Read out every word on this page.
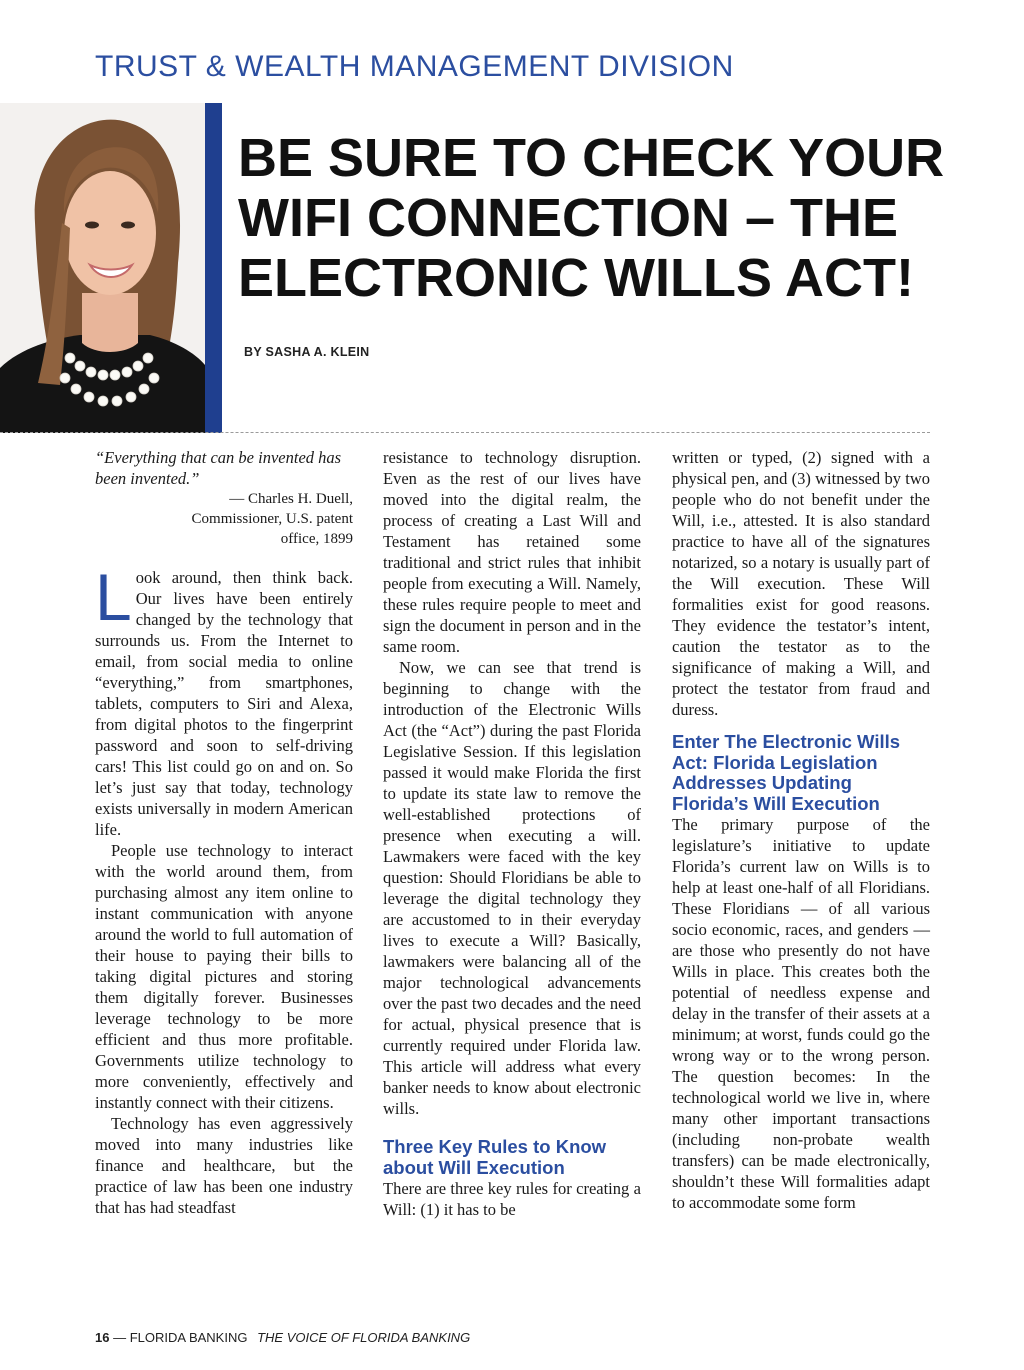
TRUST & WEALTH MANAGEMENT DIVISION
BE SURE TO CHECK YOUR
WIFI CONNECTION – THE
ELECTRONIC WILLS ACT!
BY SASHA A. KLEIN

“Everything that can be invented has been invented.”

— Charles H. Duell,
Commissioner, U.S. patent
office, 1899

Look around, then think back. Our lives have been entirely changed by the technology that surrounds us. From the Internet to email, from social media to online “everything,” from smartphones, tablets, computers to Siri and Alexa, from digital photos to the fingerprint password and soon to self-driving cars! This list could go on and on. So let’s just say that today, technology exists universally in modern American life.

People use technology to interact with the world around them, from purchasing almost any item online to instant communication with anyone around the world to full automation of their house to paying their bills to taking digital pictures and storing them digitally forever. Businesses leverage technology to be more efficient and thus more profitable. Governments utilize technology to more conveniently, effectively and instantly connect with their citizens.

Technology has even aggressively moved into many industries like finance and healthcare, but the practice of law has been one industry that has had steadfast

resistance to technology disruption. Even as the rest of our lives have moved into the digital realm, the process of creating a Last Will and Testament has retained some traditional and strict rules that inhibit people from executing a Will. Namely, these rules require people to meet and sign the document in person and in the same room.

Now, we can see that trend is beginning to change with the introduction of the Electronic Wills Act (the “Act”) during the past Florida Legislative Session. If this legislation passed it would make Florida the first to update its state law to remove the well-established protections of presence when executing a will. Lawmakers were faced with the key question: Should Floridians be able to leverage the digital technology they are accustomed to in their everyday lives to execute a Will? Basically, lawmakers were balancing all of the major technological advancements over the past two decades and the need for actual, physical presence that is currently required under Florida law. This article will address what every banker needs to know about electronic wills.

Three Key Rules to Know about Will Execution

There are three key rules for creating a Will: (1) it has to be

written or typed, (2) signed with a physical pen, and (3) witnessed by two people who do not benefit under the Will, i.e., attested. It is also standard practice to have all of the signatures notarized, so a notary is usually part of the Will execution. These Will formalities exist for good reasons. They evidence the testator’s intent, caution the testator as to the significance of making a Will, and protect the testator from fraud and duress.

Enter The Electronic Wills Act: Florida Legislation Addresses Updating Florida’s Will Execution

The primary purpose of the legislature’s initiative to update Florida’s current law on Wills is to help at least one-half of all Floridians. These Floridians — of all various socio economic, races, and genders — are those who presently do not have Wills in place. This creates both the potential of needless expense and delay in the transfer of their assets at a minimum; at worst, funds could go the wrong way or to the wrong person. The question becomes: In the technological world we live in, where many other important transactions (including non-probate wealth transfers) can be made electronically, shouldn’t these Will formalities adapt to accommodate some form

16 — FLORIDA BANKING THE VOICE OF FLORIDA BANKING
